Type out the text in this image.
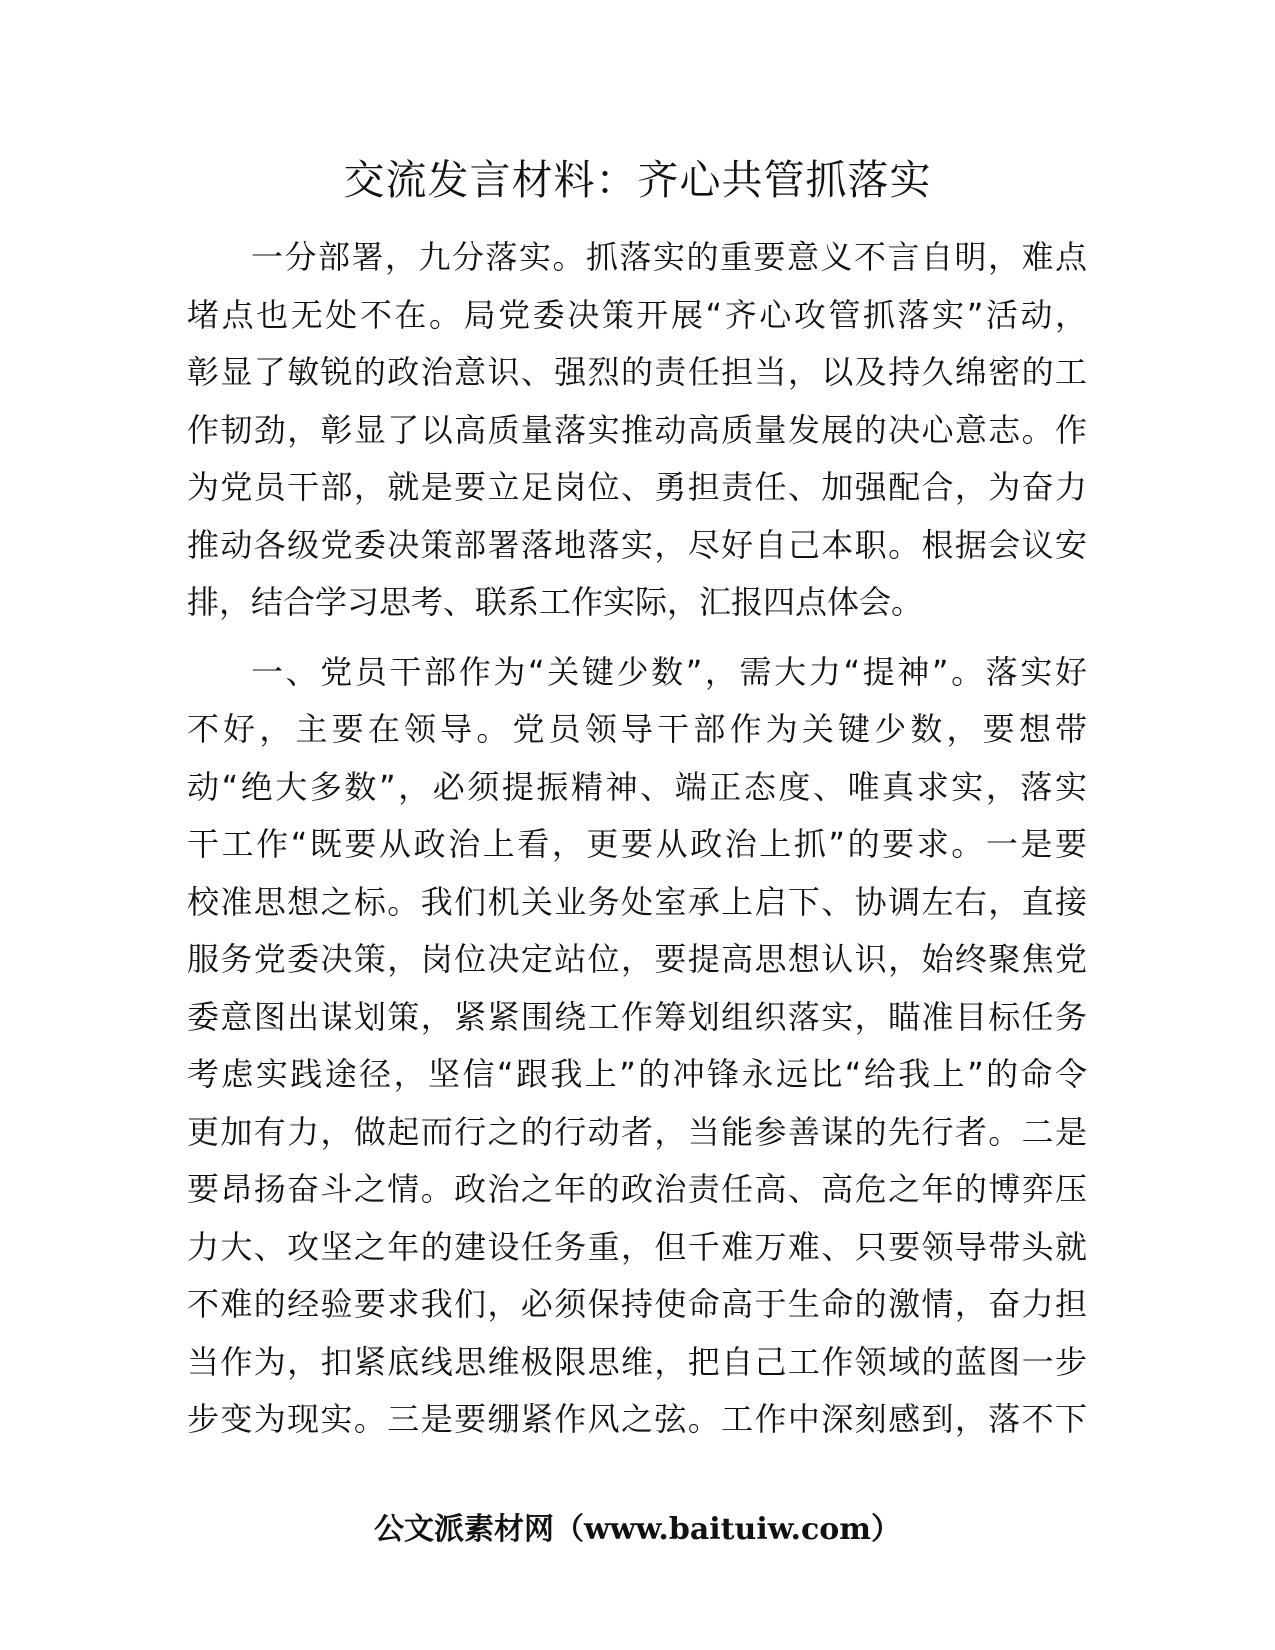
交流发言材料：齐心共管抓落实
一分部署，九分落实。抓落实的重要意义不言自明，难点
堵点也无处不在。局党委决策开展“齐心攻管抓落实”活动，
彰显了敏锐的政治意识、强烈的责任担当，以及持久绵密的工
作韧劲，彰显了以高质量落实推动高质量发展的决心意志。作
为党员干部，就是要立足岗位、勇担责任、加强配合，为奋力
推动各级党委决策部署落地落实，尽好自己本职。根据会议安
排，结合学习思考、联系工作实际，汇报四点体会。
一、党员干部作为“关键少数”，需大力“提神”。落实好
不好，主要在领导。党员领导干部作为关键少数，要想带
动“绝大多数”，必须提振精神、端正态度、唯真求实，落实
干工作“既要从政治上看，更要从政治上抓”的要求。一是要
校准思想之标。我们机关业务处室承上启下、协调左右，直接
服务党委决策，岗位决定站位，要提高思想认识，始终聚焦党
委意图出谋划策，紧紧围绕工作筹划组织落实，瞄准目标任务
考虑实践途径，坚信“跟我上”的冲锋永远比“给我上”的命令
更加有力，做起而行之的行动者，当能参善谋的先行者。二是
要昂扬奋斗之情。政治之年的政治责任高、高危之年的博弈压
力大、攻坚之年的建设任务重，但千难万难、只要领导带头就
不难的经验要求我们，必须保持使命高于生命的激情，奋力担
当作为，扣紧底线思维极限思维，把自己工作领域的蓝图一步
步变为现实。三是要绷紧作风之弦。工作中深刻感到，落不下
公文派素材网（www.baituiw.com）
